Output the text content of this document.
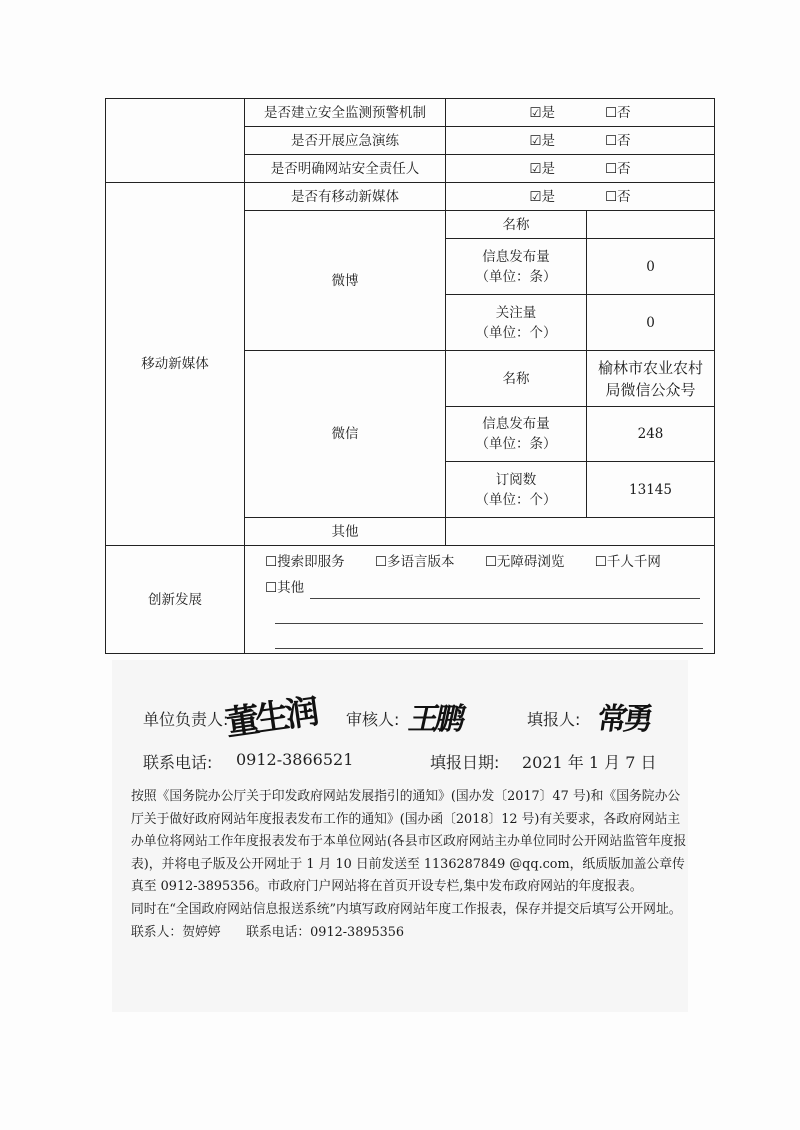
	是否建立安全监测预警机制	☑是 ☐否	
	是否开展应急演练	☑是 ☐否	
	是否明确网站安全责任人	☑是 ☐否	
移动新媒体	是否有移动新媒体	☑是 ☐否	
	微博	名称	

		信息发布量
（单位：条）	0

		关注量
（单位：个）	0
	微信	名称	榆林市农业农村
局微信公众号

		信息发布量
（单位：条）	248

		订阅数
（单位：个）	13145
	其他		
创新发展	☐搜索即服务 ☐多语言版本 ☐无障碍浏览 ☐千人千网
☐其他		
单位负责人:
董生润 审核人: 王鹏	填报人: 常勇
联系电话: 0912-3866521	填报日期: 2021 年 1 月 7 日

按照《国务院办公厅关于印发政府网站发展指引的通知》(国办发〔2017〕47 号)和《国务院办公厅关于做好政府网站年度报表发布工作的通知》(国办函〔2018〕12 号)有关要求，各政府网站主办单位将网站工作年度报表发布于本单位网站(各县市区政府网站主办单位同时公开网站监管年度报表)，并将电子版及公开网址于 1 月 10 日前发送至 1136287849 @qq.com，纸质版加盖公章传真至 0912-3895356。市政府门户网站将在首页开设专栏,集中发布政府网站的年度报表。

同时在“全国政府网站信息报送系统”内填写政府网站年度工作报表，保存并提交后填写公开网址。

联系人：贺婷婷　　联系电话：0912-3895356
